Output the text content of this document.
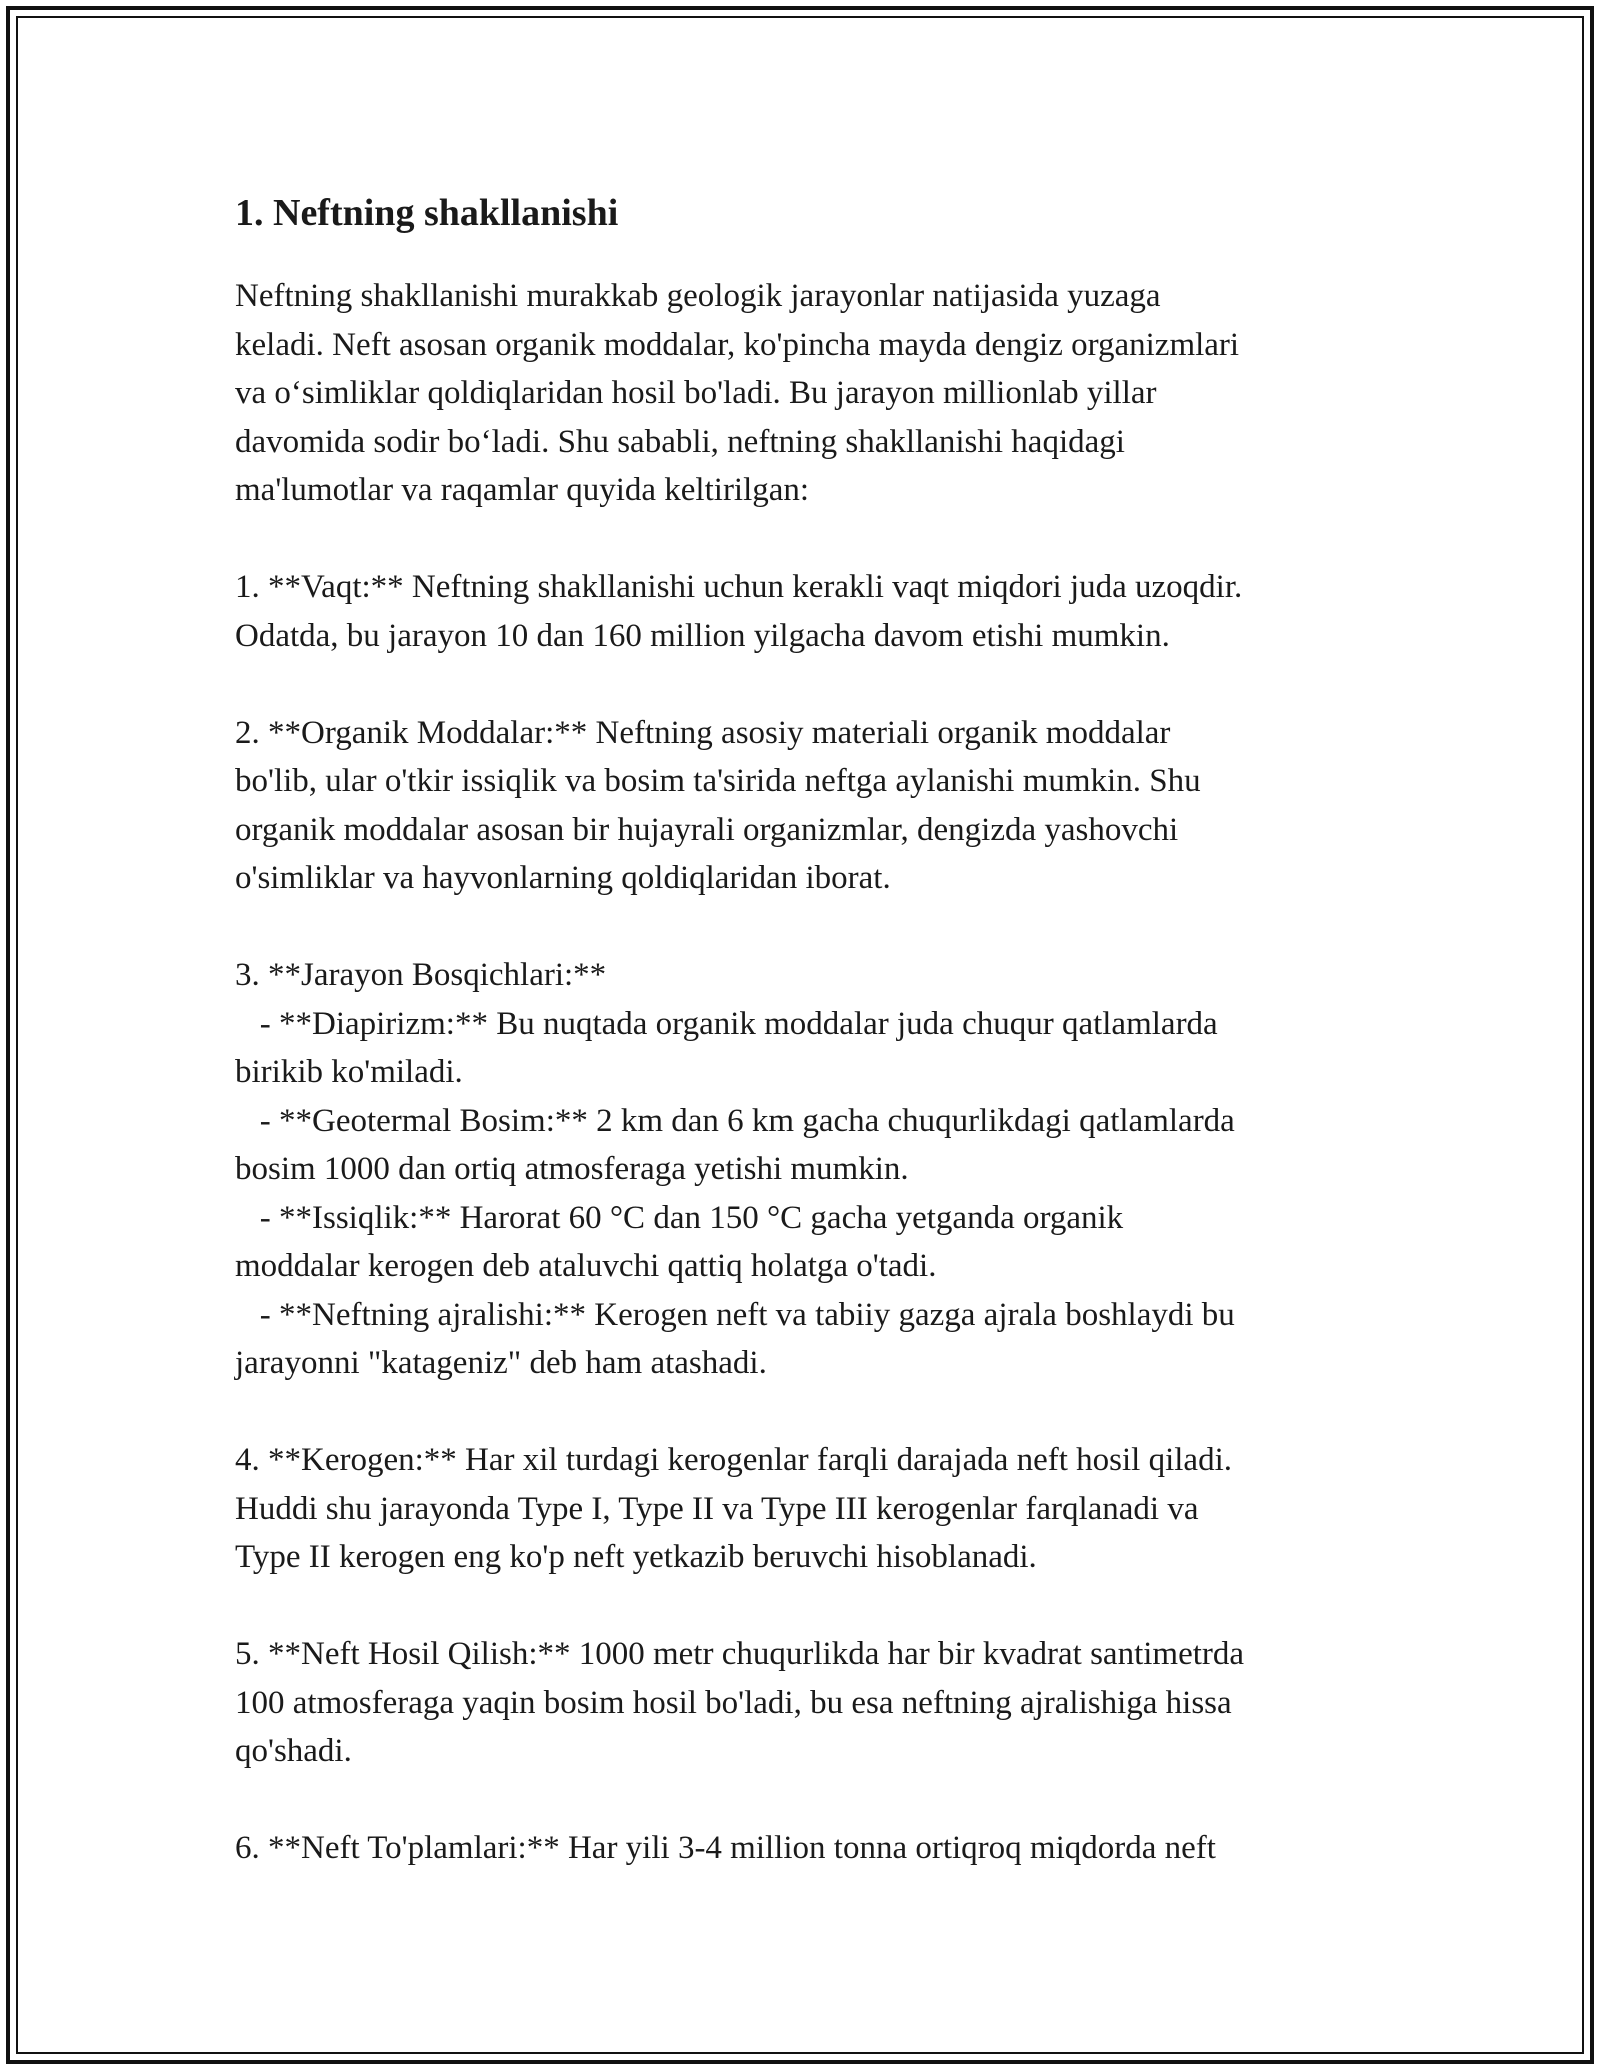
1. Neftning shakllanishi

Neftning shakllanishi murakkab geologik jarayonlar natijasida yuzaga
keladi. Neft asosan organik moddalar, ko'pincha mayda dengiz organizmlari
va o‘simliklar qoldiqlaridan hosil bo'ladi. Bu jarayon millionlab yillar
davomida sodir bo‘ladi. Shu sababli, neftning shakllanishi haqidagi
ma'lumotlar va raqamlar quyida keltirilgan:

1. **Vaqt:** Neftning shakllanishi uchun kerakli vaqt miqdori juda uzoqdir.
Odatda, bu jarayon 10 dan 160 million yilgacha davom etishi mumkin.

2. **Organik Moddalar:** Neftning asosiy materiali organik moddalar
bo'lib, ular o'tkir issiqlik va bosim ta'sirida neftga aylanishi mumkin. Shu
organik moddalar asosan bir hujayrali organizmlar, dengizda yashovchi
o'simliklar va hayvonlarning qoldiqlaridan iborat.

3. **Jarayon Bosqichlari:**
- **Diapirizm:** Bu nuqtada organik moddalar juda chuqur qatlamlarda
birikib ko'miladi.
- **Geotermal Bosim:** 2 km dan 6 km gacha chuqurlikdagi qatlamlarda
bosim 1000 dan ortiq atmosferaga yetishi mumkin.
- **Issiqlik:** Harorat 60 °C dan 150 °C gacha yetganda organik
moddalar kerogen deb ataluvchi qattiq holatga o'tadi.
- **Neftning ajralishi:** Kerogen neft va tabiiy gazga ajrala boshlaydi bu
jarayonni "katageniz" deb ham atashadi.

4. **Kerogen:** Har xil turdagi kerogenlar farqli darajada neft hosil qiladi.
Huddi shu jarayonda Type I, Type II va Type III kerogenlar farqlanadi va
Type II kerogen eng ko'p neft yetkazib beruvchi hisoblanadi.

5. **Neft Hosil Qilish:** 1000 metr chuqurlikda har bir kvadrat santimetrda
100 atmosferaga yaqin bosim hosil bo'ladi, bu esa neftning ajralishiga hissa
qo'shadi.

6. **Neft To'plamlari:** Har yili 3-4 million tonna ortiqroq miqdorda neft
